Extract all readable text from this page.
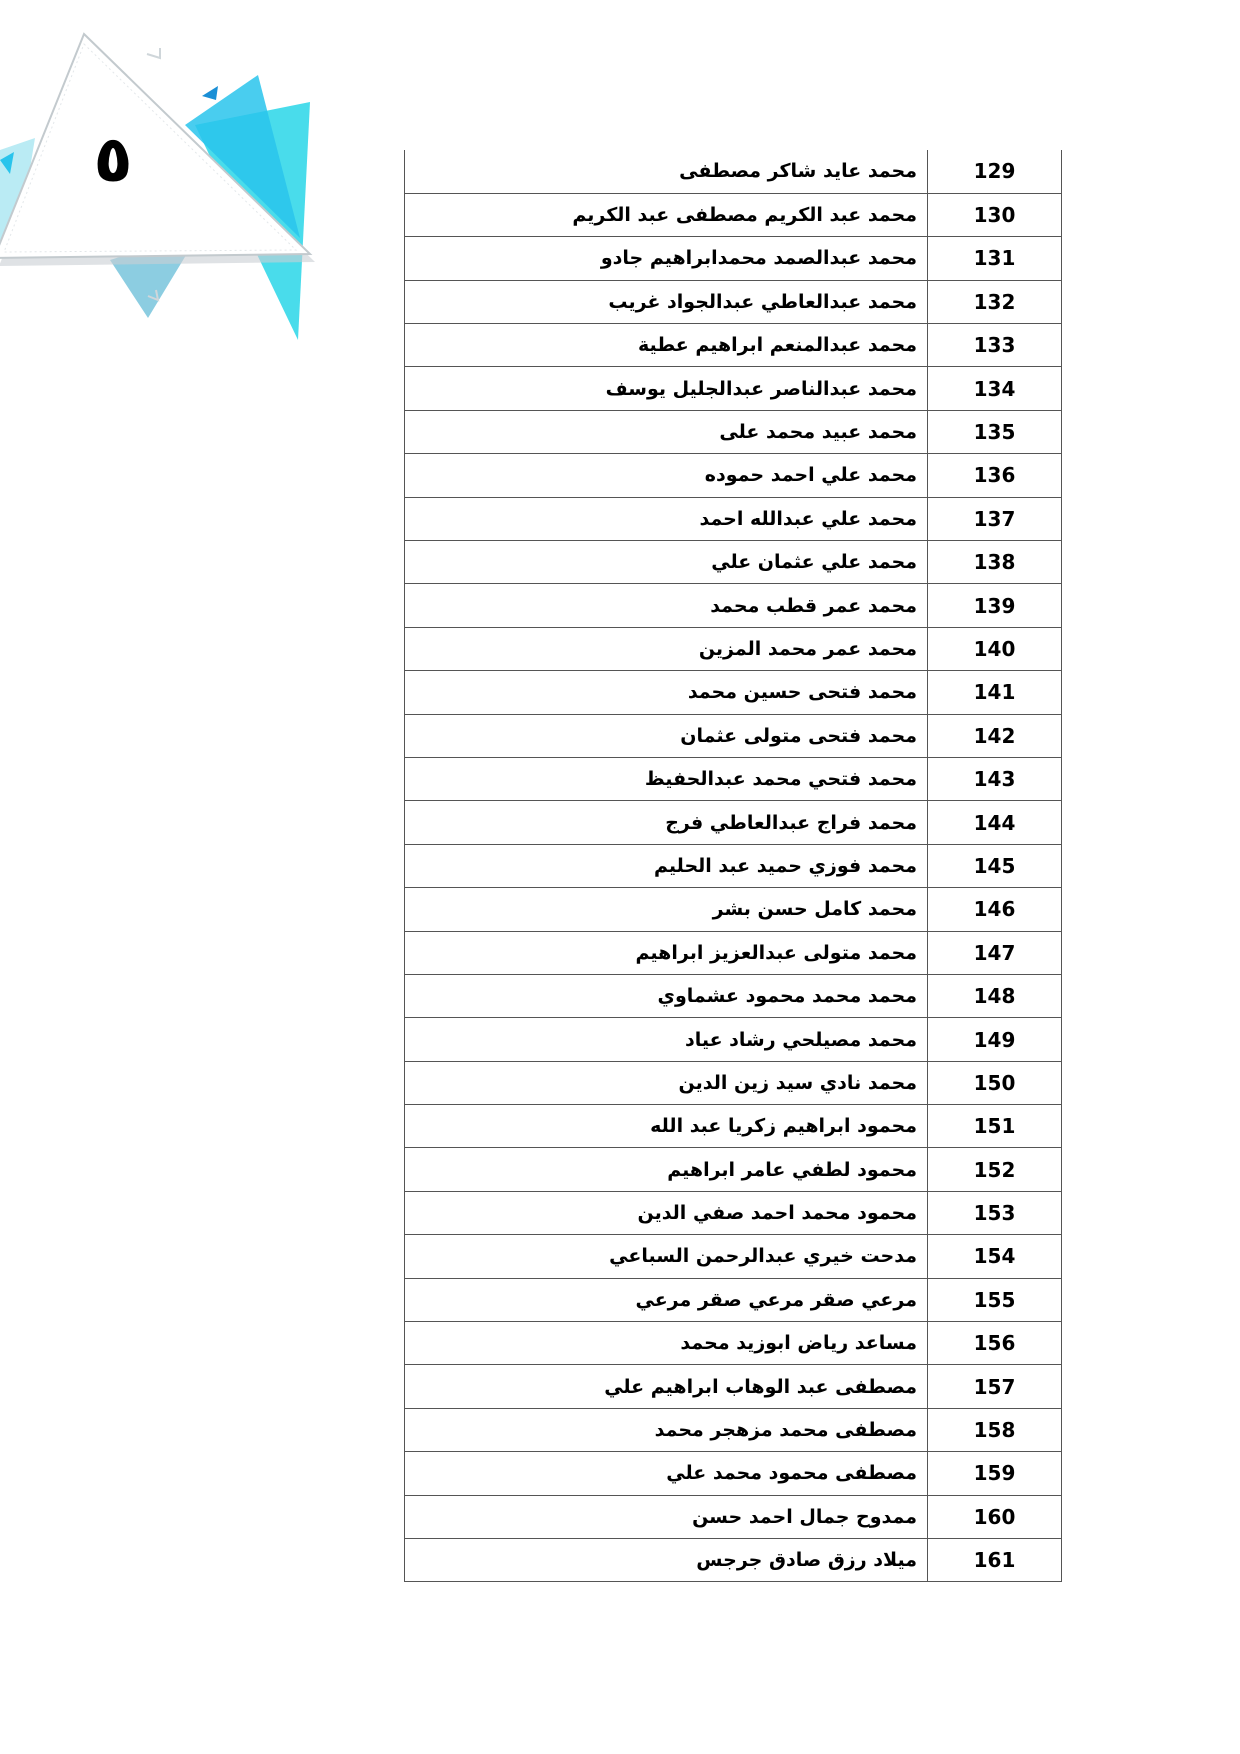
٥	129	محمد عايد شاكر مصطفى
130	محمد عبد الكريم مصطفى عبد الكريم
131	محمد عبدالصمد محمدابراهيم جادو
132	محمد عبدالعاطي عبدالجواد غريب
133	محمد عبدالمنعم ابراهيم عطية
134	محمد عبدالناصر عبدالجليل يوسف
135	محمد عبيد محمد على
136	محمد علي احمد حموده
137	محمد علي عبدالله احمد
138	محمد علي عثمان علي
139	محمد عمر قطب محمد
140	محمد عمر محمد المزين
141	محمد فتحى حسين محمد
142	محمد فتحى متولى عثمان
143	محمد فتحي محمد عبدالحفيظ
144	محمد فراج عبدالعاطي فرج
145	محمد فوزي حميد عبد الحليم
146	محمد كامل حسن بشر
147	محمد متولى عبدالعزيز ابراهيم
148	محمد محمد محمود عشماوي
149	محمد مصيلحي رشاد عياد
150	محمد نادي سيد زين الدين
151	محمود ابراهيم زكريا عبد الله
152	محمود لطفي عامر ابراهيم
153	محمود محمد احمد صفي الدين
154	مدحت خيري عبدالرحمن السباعي
155	مرعي صقر مرعي صقر مرعي
156	مساعد رياض ابوزيد محمد
157	مصطفى عبد الوهاب ابراهيم علي
158	مصطفى محمد مزهجر محمد
159	مصطفى محمود محمد علي
160	ممدوح جمال احمد حسن
161	ميلاد رزق صادق جرجس
